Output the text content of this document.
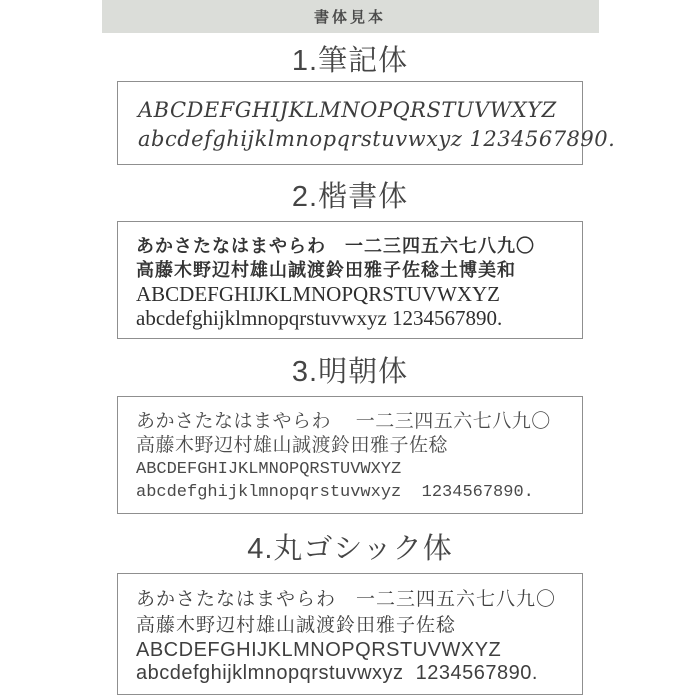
書体見本
1.筆記体
ABCDEFGHIJKLMNOPQRSTUVWXYZ
abcdefghijklmnopqrstuvwxyz 1234567890.
2.楷書体
あかさたなはまやらわ　一二三四五六七八九〇
高藤木野辺村雄山誠渡鈴田雅子佐稔土博美和
ABCDEFGHIJKLMNOPQRSTUVWXYZ
abcdefghijklmnopqrstuvwxyz 1234567890.
3.明朝体
あかさたなはまやらわ　 一二三四五六七八九〇
高藤木野辺村雄山誠渡鈴田雅子佐稔
ABCDEFGHIJKLMNOPQRSTUVWXYZ
abcdefghijklmnopqrstuvwxyz  1234567890.
4.丸ゴシック体
あかさたなはまやらわ　一二三四五六七八九〇
高藤木野辺村雄山誠渡鈴田雅子佐稔
ABCDEFGHIJKLMNOPQRSTUVWXYZ
abcdefghijklmnopqrstuvwxyz  1234567890.
